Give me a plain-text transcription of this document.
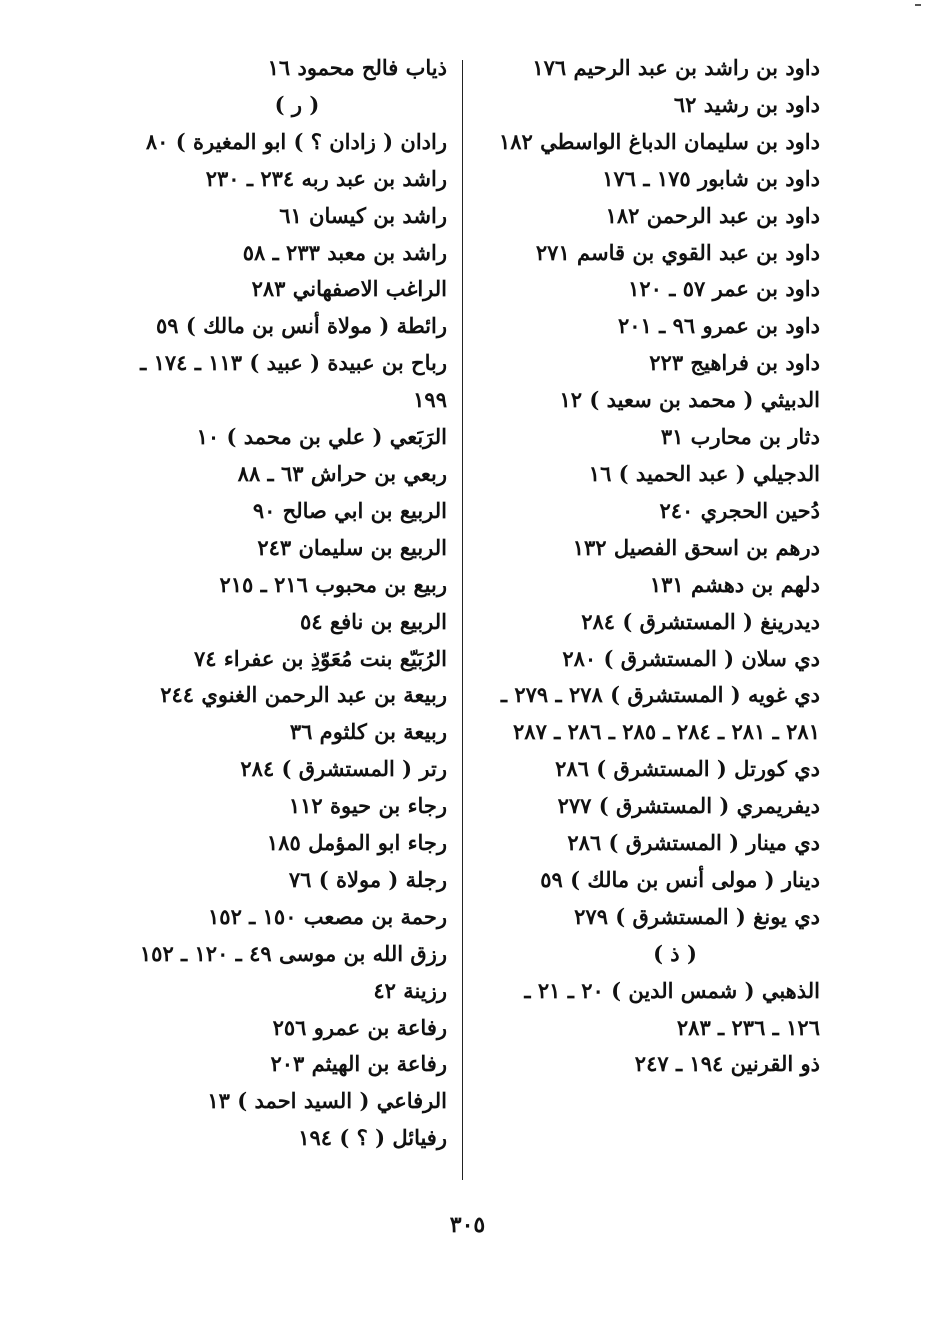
داود بن راشد بن عبد الرحيم ١٧٦
داود بن رشيد ٦٢
داود بن سليمان الدباغ الواسطي ١٨٢
داود بن شابور ١٧٥ ـ ١٧٦
داود بن عبد الرحمن ١٨٢
داود بن عبد القوي بن قاسم ٢٧١
داود بن عمر ٥٧ ـ ١٢٠
داود بن عمرو ٩٦ ـ ٢٠١
داود بن فراهيج ٢٢٣
الدبيثي ( محمد بن سعيد ) ١٢
دثار بن محارب ٣١
الدجيلي ( عبد الحميد ) ١٦
دُحين الحجري ٢٤٠
درهم بن اسحق الفصيل ١٣٢
دلهم بن دهشم ١٣١
ديدرينغ ( المستشرق ) ٢٨٤
دي سلان ( المستشرق ) ٢٨٠
دي غويه ( المستشرق ) ٢٧٨ ـ ٢٧٩ ـ ٢٨١ ـ ٢٨١ ـ ٢٨٤ ـ ٢٨٥ ـ ٢٨٦ ـ ٢٨٧
دي كورتل ( المستشرق ) ٢٨٦
ديفريمري ( المستشرق ) ٢٧٧
دي مينار ( المستشرق ) ٢٨٦
دينار ( مولى أنس بن مالك ) ٥٩
دي يونغ ( المستشرق ) ٢٧٩
( ذ )
الذهبي ( شمس الدين ) ٢٠ ـ ٢١ ـ ١٢٦ ـ ٢٣٦ ـ ٢٨٣
ذو القرنين ١٩٤ ـ ٢٤٧
ذياب فالح محمود ١٦
( ر )
رادان ( زادان ؟ ) ابو المغيرة ) ٨٠
راشد بن عبد ربه ٢٣٤ ـ ٢٣٠
راشد بن كيسان ٦١
راشد بن معبد ٢٣٣ ـ ٥٨
الراغب الاصفهاني ٢٨٣
رائطة ( مولاة أنس بن مالك ) ٥٩
رباح بن عبيدة ( عبيد ) ١١٣ ـ ١٧٤ ـ ١٩٩
الرَبَعي ( علي بن محمد ) ١٠
ربعي بن حراش ٦٣ ـ ٨٨
الربيع بن ابي صالح ٩٠
الربيع بن سليمان ٢٤٣
ربيع بن محبوب ٢١٦ ـ ٢١٥
الربيع بن نافع ٥٤
الرُبَيّع بنت مُعَوّذِ بن عفراء ٧٤
ربيعة بن عبد الرحمن الغنوي ٢٤٤
ربيعة بن كلثوم ٣٦
رتر ( المستشرق ) ٢٨٤
رجاء بن حيوة ١١٢
رجاء ابو المؤمل ١٨٥
رجلة ( مولاة ) ٧٦
رحمة بن مصعب ١٥٠ ـ ١٥٢
رزق الله بن موسى ٤٩ ـ ١٢٠ ـ ١٥٢
رزينة ٤٢
رفاعة بن عمرو ٢٥٦
رفاعة بن الهيثم ٢٠٣
الرفاعي ( السيد احمد ) ١٣
رفيائل ( ؟ ) ١٩٤
٣٠٥
